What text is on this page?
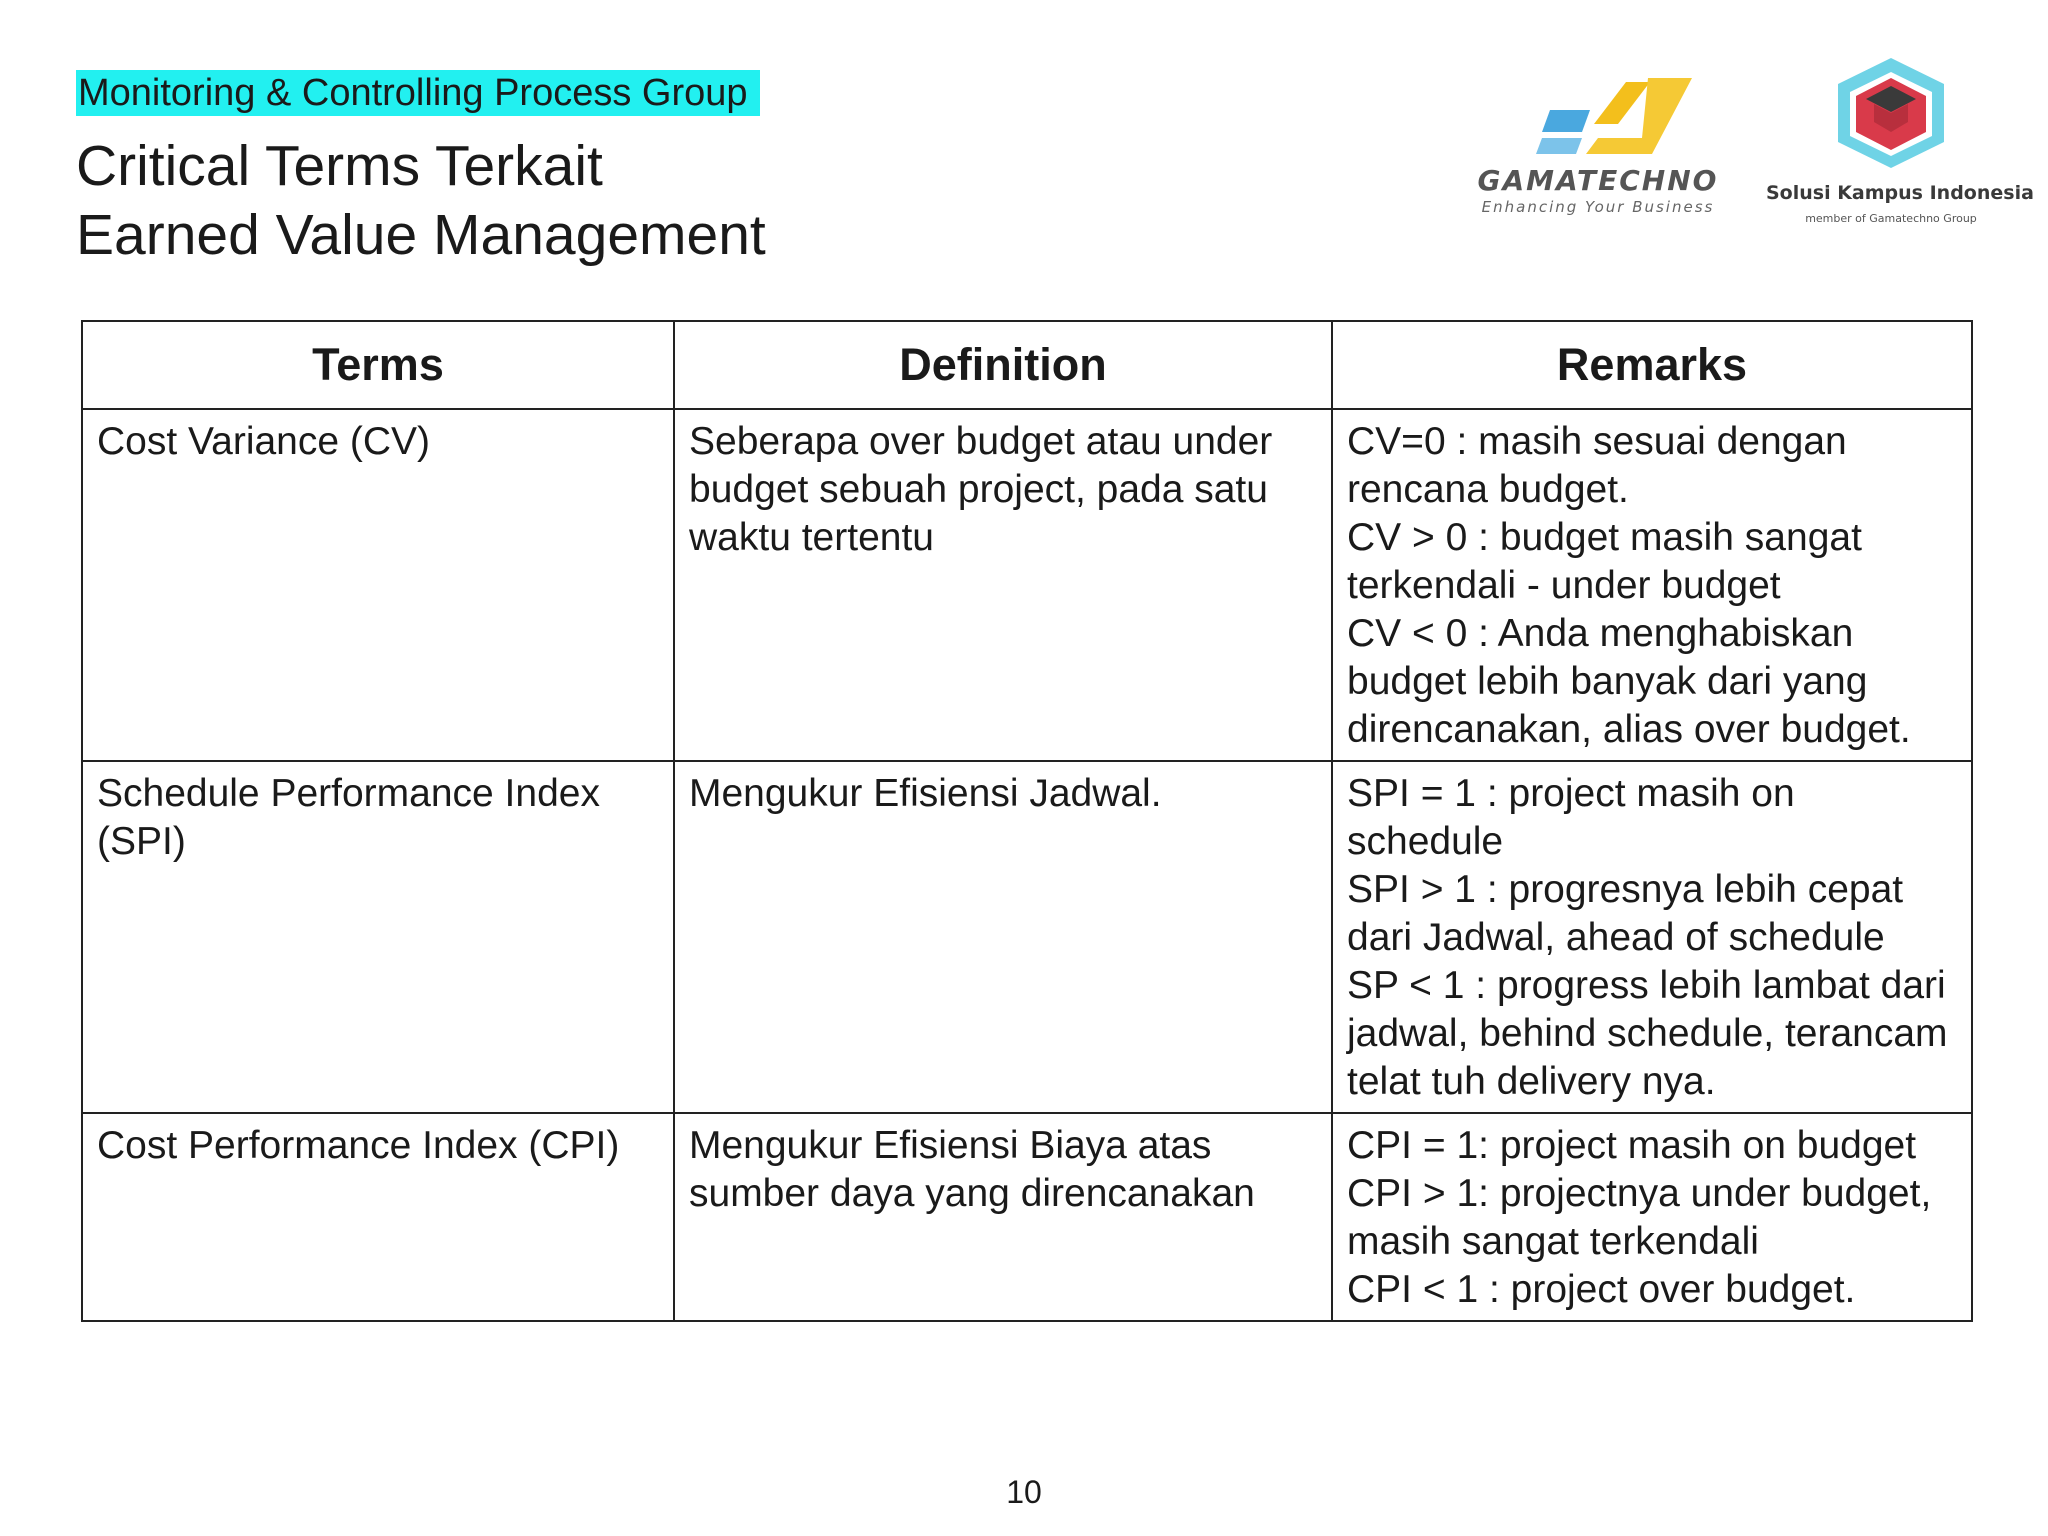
Monitoring & Controlling Process Group
Critical Terms Terkait
Earned Value Management
GAMATECHNO
Enhancing Your Business
Solusi Kampus Indonesia
member of Gamatechno Group
Terms	Definition	Remarks
Cost Variance (CV)	Seberapa over budget atau under budget sebuah project, pada satu waktu tertentu	CV=0 : masih sesuai dengan rencana budget.
CV > 0 : budget masih sangat terkendali - under budget
CV < 0 : Anda menghabiskan budget lebih banyak dari yang direncanakan, alias over budget.

Schedule Performance Index (SPI)	Mengukur Efisiensi Jadwal.	SPI = 1 : project masih on schedule
SPI > 1 : progresnya lebih cepat dari Jadwal, ahead of schedule
SP < 1 : progress lebih lambat dari jadwal, behind schedule, terancam telat tuh delivery nya.

Cost Performance Index (CPI)	Mengukur Efisiensi Biaya atas sumber daya yang direncanakan	CPI = 1: project masih on budget
CPI > 1: projectnya under budget, masih sangat terkendali
CPI < 1 : project over budget.
10
